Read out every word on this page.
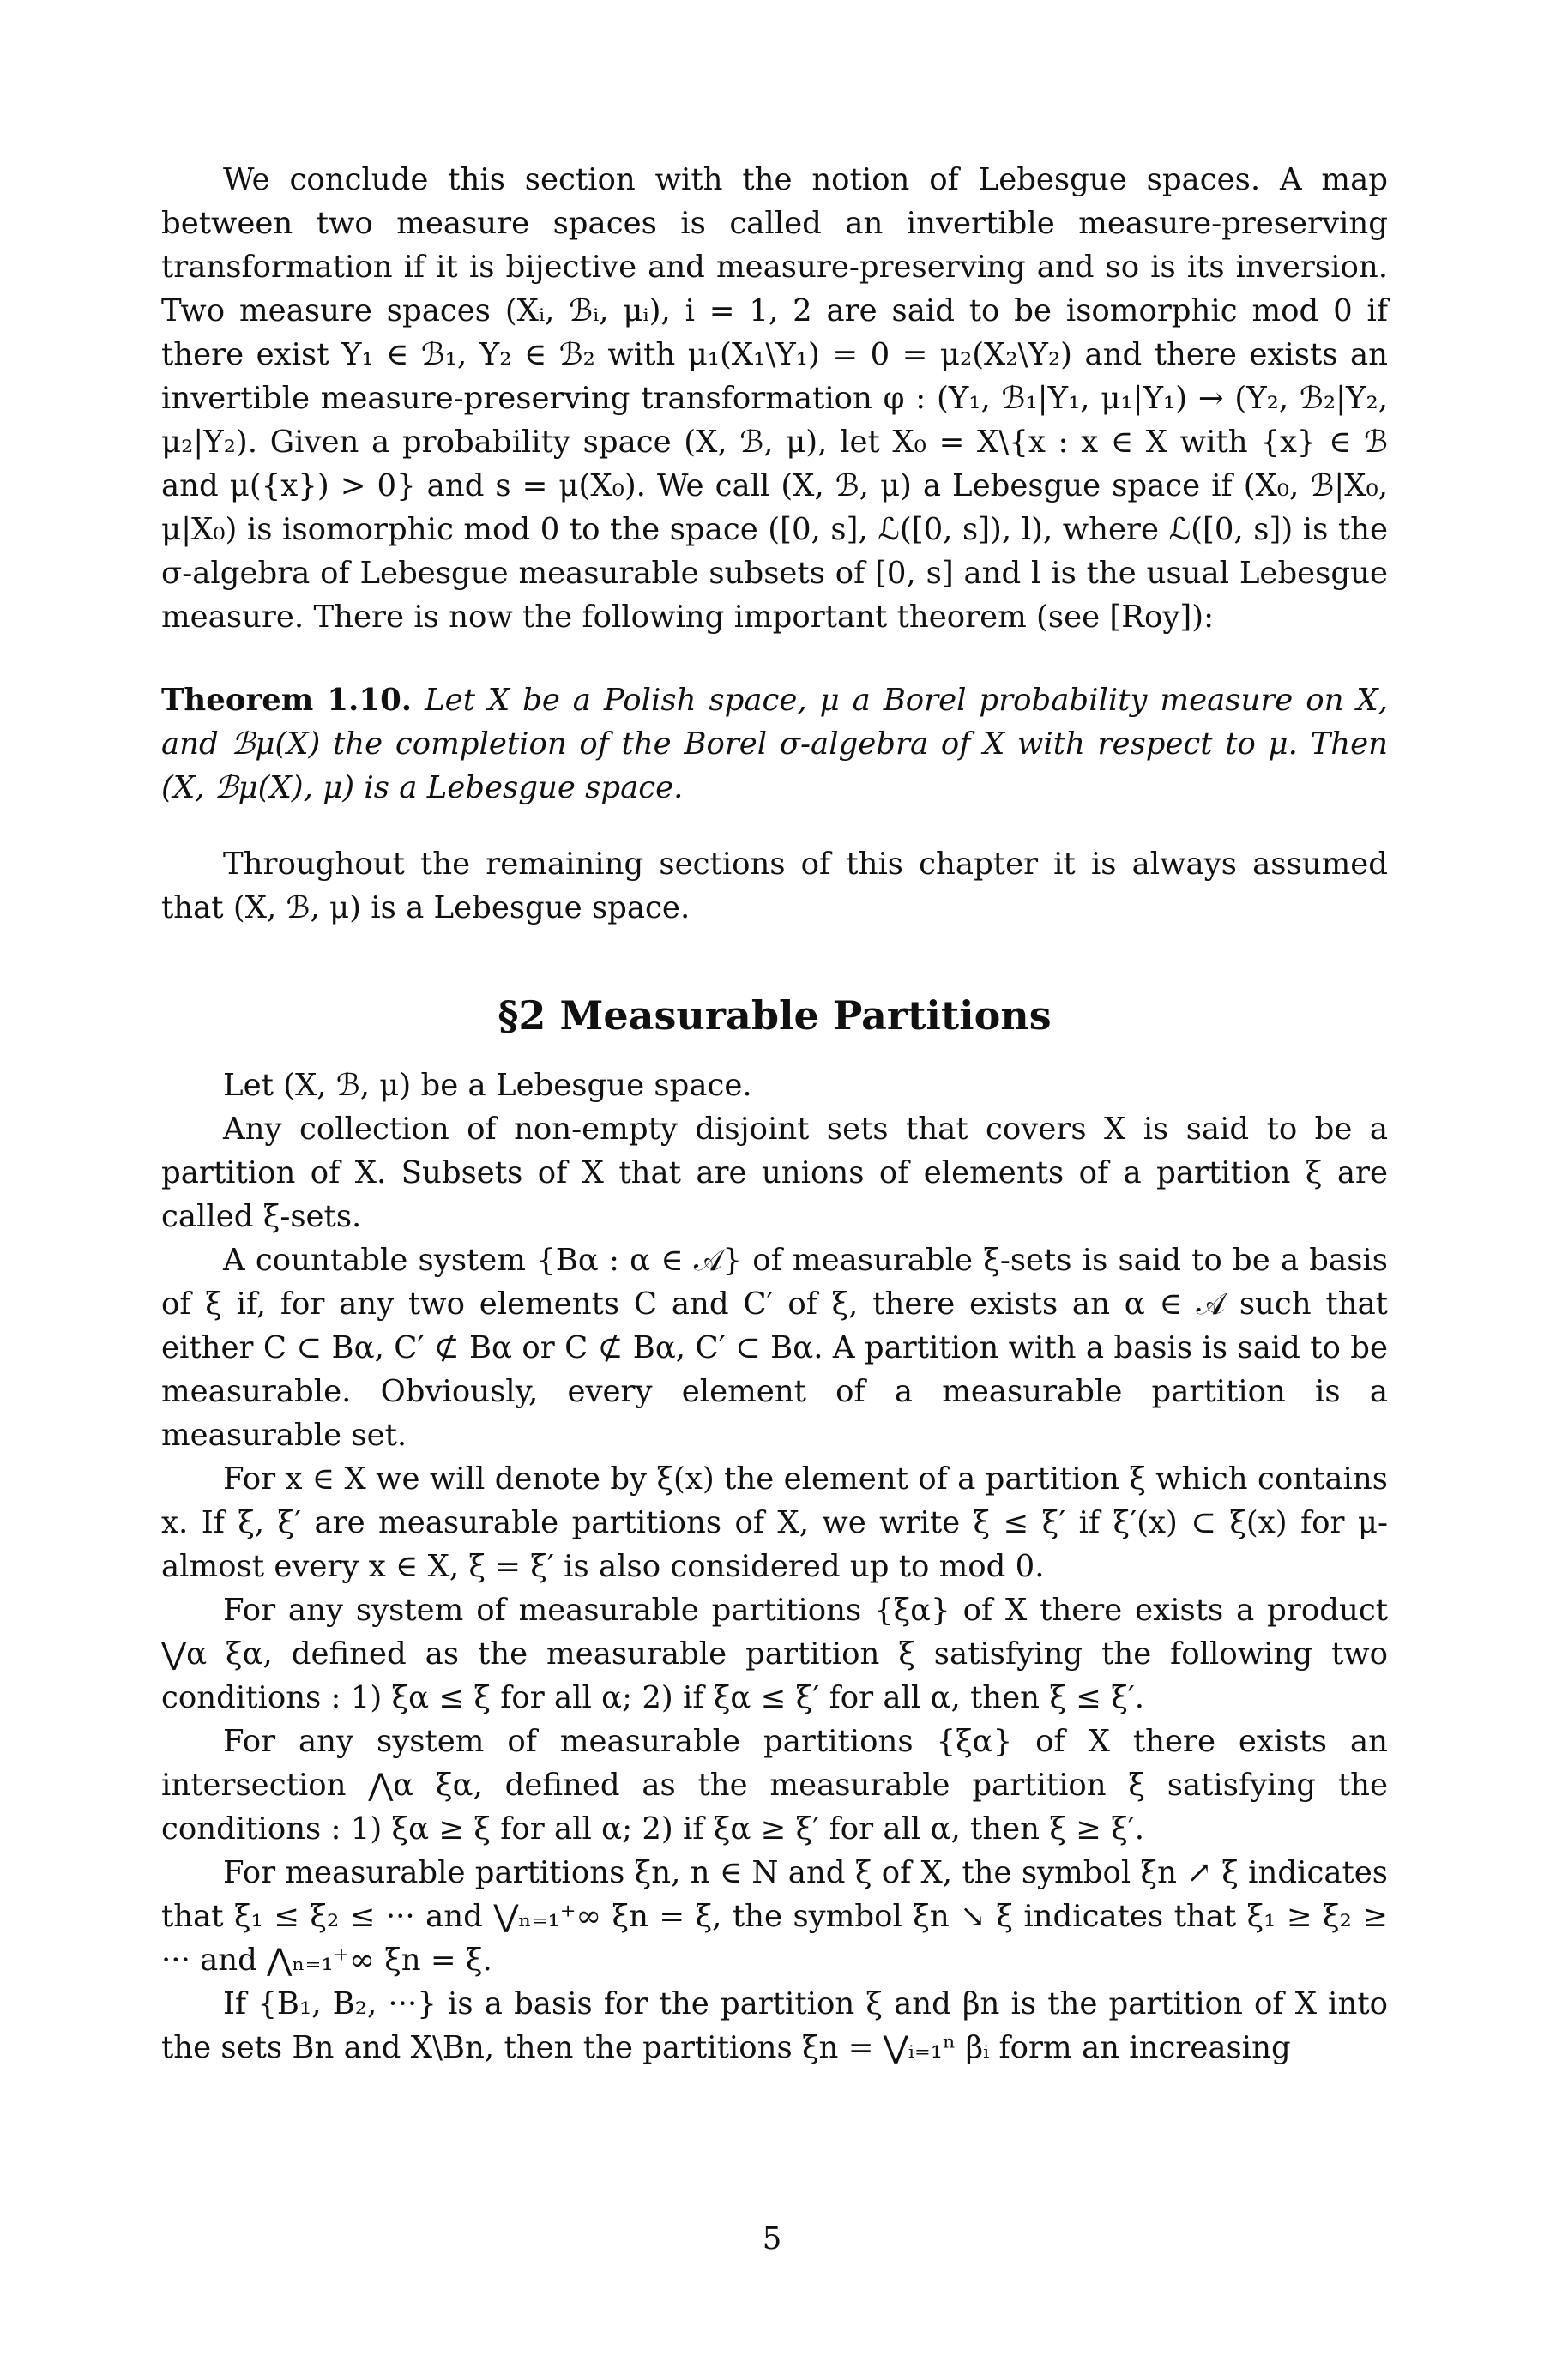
We conclude this section with the notion of Lebesgue spaces. A map between two measure spaces is called an invertible measure-preserving transformation if it is bijective and measure-preserving and so is its inversion. Two measure spaces (Xᵢ, ℬᵢ, μᵢ), i = 1, 2 are said to be isomorphic mod 0 if there exist Y₁ ∈ ℬ₁, Y₂ ∈ ℬ₂ with μ₁(X₁\Y₁) = 0 = μ₂(X₂\Y₂) and there exists an invertible measure-preserving transformation φ : (Y₁, ℬ₁|Y₁, μ₁|Y₁) → (Y₂, ℬ₂|Y₂, μ₂|Y₂). Given a probability space (X, ℬ, μ), let X₀ = X\{x : x ∈ X with {x} ∈ ℬ and μ({x}) > 0} and s = μ(X₀). We call (X, ℬ, μ) a Lebesgue space if (X₀, ℬ|X₀, μ|X₀) is isomorphic mod 0 to the space ([0, s], ℒ([0, s]), l), where ℒ([0, s]) is the σ-algebra of Lebesgue measurable subsets of [0, s] and l is the usual Lebesgue measure. There is now the following important theorem (see [Roy]):

Theorem 1.10. Let X be a Polish space, μ a Borel probability measure on X, and ℬμ(X) the completion of the Borel σ-algebra of X with respect to μ. Then (X, ℬμ(X), μ) is a Lebesgue space.

Throughout the remaining sections of this chapter it is always assumed that (X, ℬ, μ) is a Lebesgue space.

§2 Measurable Partitions

Let (X, ℬ, μ) be a Lebesgue space.

Any collection of non-empty disjoint sets that covers X is said to be a partition of X. Subsets of X that are unions of elements of a partition ξ are called ξ-sets.

A countable system {Bα : α ∈ 𝒜} of measurable ξ-sets is said to be a basis of ξ if, for any two elements C and C′ of ξ, there exists an α ∈ 𝒜 such that either C ⊂ Bα, C′ ⊄ Bα or C ⊄ Bα, C′ ⊂ Bα. A partition with a basis is said to be measurable. Obviously, every element of a measurable partition is a measurable set.

For x ∈ X we will denote by ξ(x) the element of a partition ξ which contains x. If ξ, ξ′ are measurable partitions of X, we write ξ ≤ ξ′ if ξ′(x) ⊂ ξ(x) for μ-almost every x ∈ X, ξ = ξ′ is also considered up to mod 0.

For any system of measurable partitions {ξα} of X there exists a product ⋁α ξα, defined as the measurable partition ξ satisfying the following two conditions : 1) ξα ≤ ξ for all α; 2) if ξα ≤ ξ′ for all α, then ξ ≤ ξ′.

For any system of measurable partitions {ξα} of X there exists an intersection ⋀α ξα, defined as the measurable partition ξ satisfying the conditions : 1) ξα ≥ ξ for all α; 2) if ξα ≥ ξ′ for all α, then ξ ≥ ξ′.

For measurable partitions ξn, n ∈ N and ξ of X, the symbol ξn ↗ ξ indicates that ξ₁ ≤ ξ₂ ≤ ··· and ⋁ₙ₌₁⁺∞ ξn = ξ, the symbol ξn ↘ ξ indicates that ξ₁ ≥ ξ₂ ≥ ··· and ⋀ₙ₌₁⁺∞ ξn = ξ.

If {B₁, B₂, ···} is a basis for the partition ξ and βn is the partition of X into the sets Bn and X\Bn, then the partitions ξn = ⋁ᵢ₌₁ⁿ βᵢ form an increasing

5
